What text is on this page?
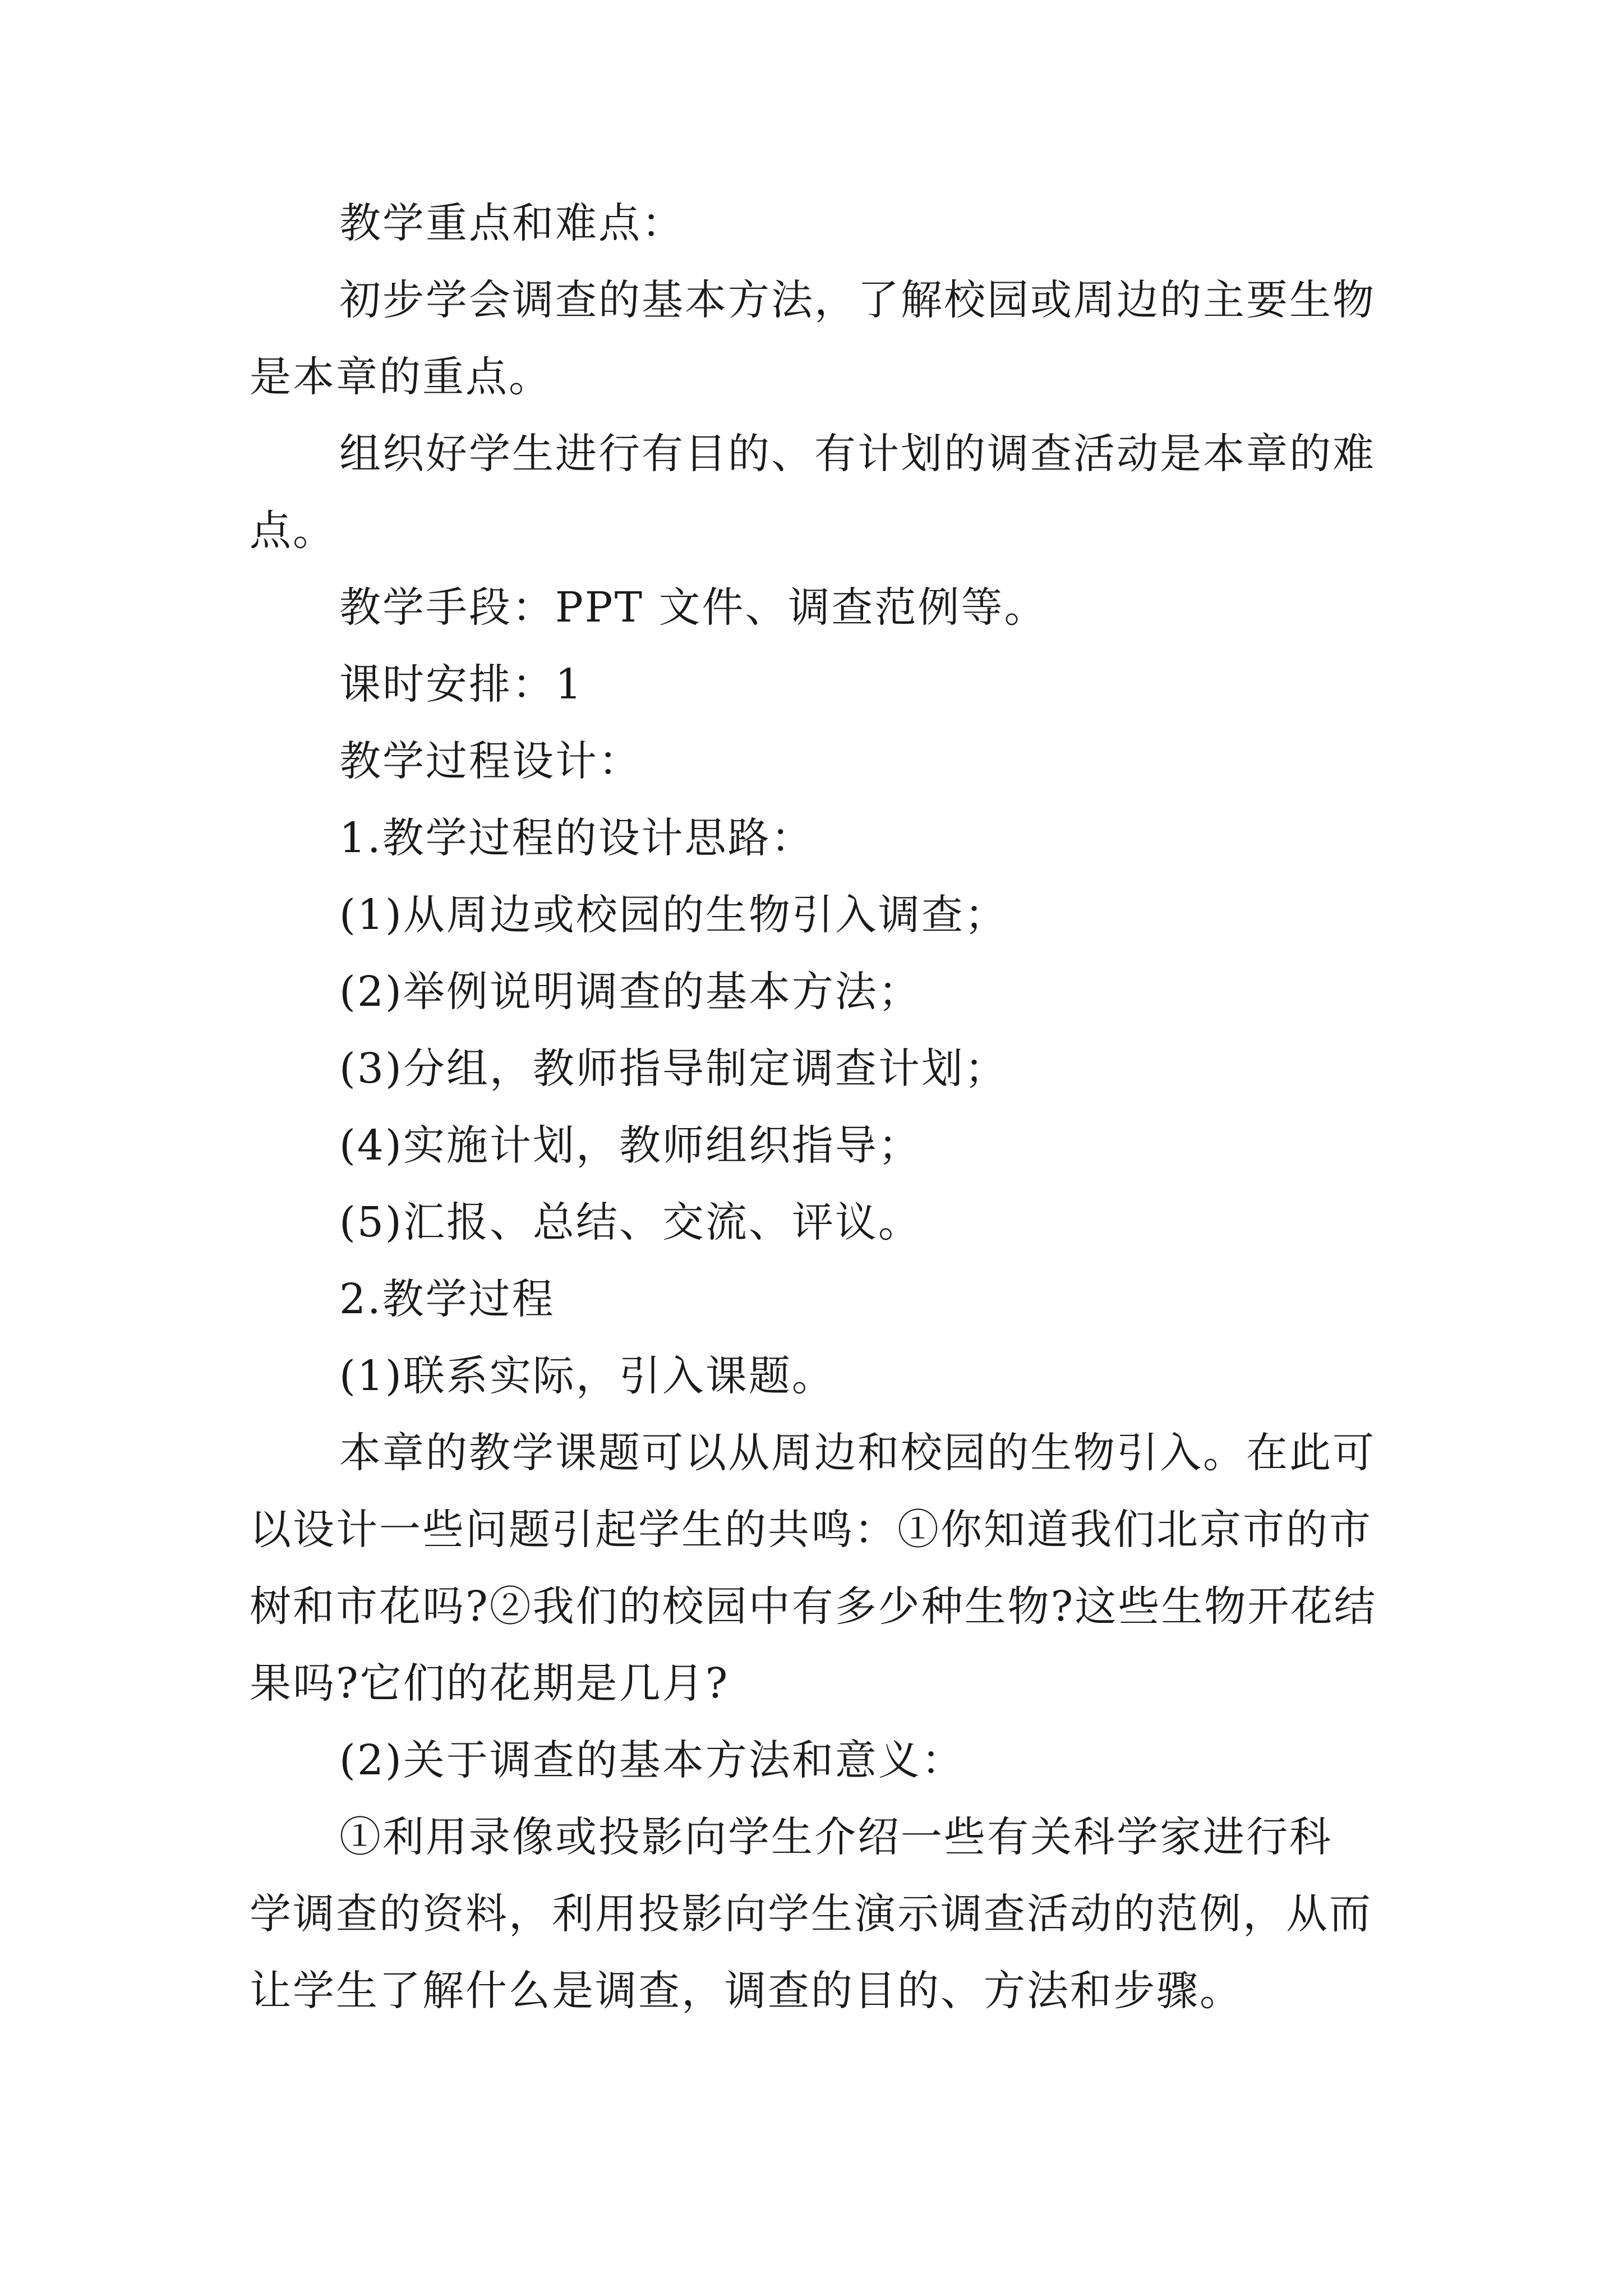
教学重点和难点：
初步学会调查的基本方法，了解校园或周边的主要生物
是本章的重点。
组织好学生进行有目的、有计划的调查活动是本章的难
点。
教学手段：PPT 文件、调查范例等。
课时安排：1
教学过程设计：
1.教学过程的设计思路：
(1)从周边或校园的生物引入调查；
(2)举例说明调查的基本方法；
(3)分组，教师指导制定调查计划；
(4)实施计划，教师组织指导；
(5)汇报、总结、交流、评议。
2.教学过程
(1)联系实际，引入课题。
本章的教学课题可以从周边和校园的生物引入。在此可
以设计一些问题引起学生的共鸣：①你知道我们北京市的市
树和市花吗?②我们的校园中有多少种生物?这些生物开花结
果吗?它们的花期是几月?
(2)关于调查的基本方法和意义：
①利用录像或投影向学生介绍一些有关科学家进行科
学调查的资料，利用投影向学生演示调查活动的范例，从而
让学生了解什么是调查，调查的目的、方法和步骤。
